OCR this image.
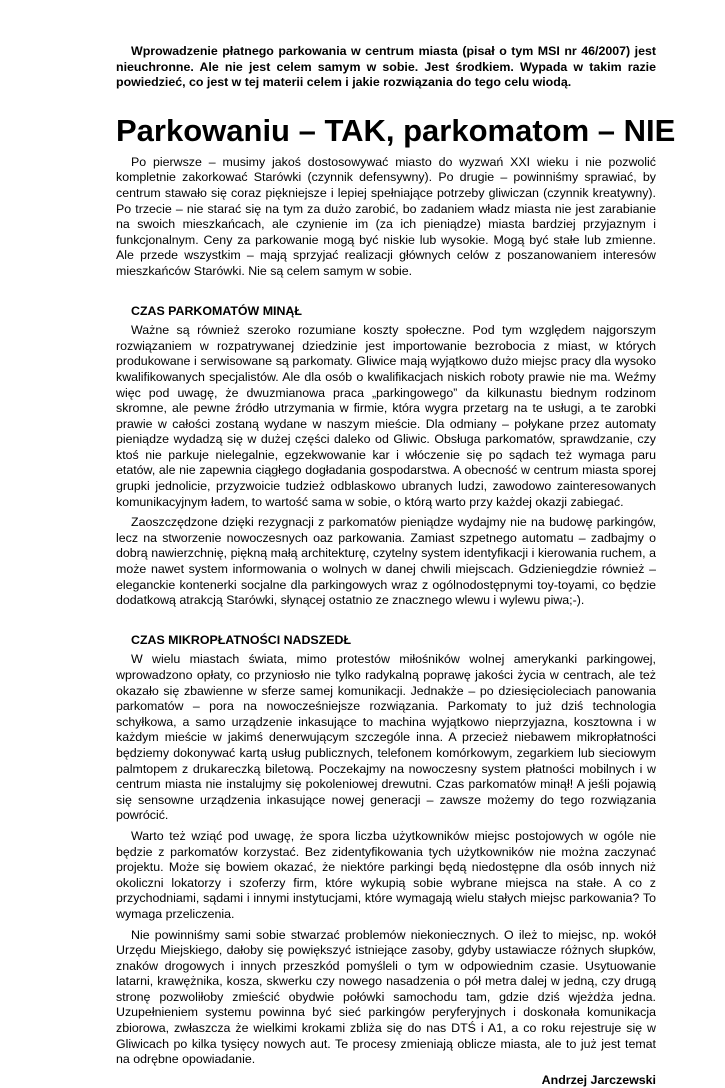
Wprowadzenie płatnego parkowania w centrum miasta (pisał o tym MSI nr 46/2007) jest nieuchronne. Ale nie jest celem samym w sobie. Jest środkiem. Wypada w takim razie powiedzieć, co jest w tej materii celem i jakie rozwiązania do tego celu wiodą.

Parkowaniu – TAK, parkomatom – NIE

Po pierwsze – musimy jakoś dostosowywać miasto do wyzwań XXI wieku i nie pozwolić kompletnie zakorkować Starówki (czynnik defensywny). Po drugie – powinniśmy sprawiać, by centrum stawało się coraz piękniejsze i lepiej spełniające potrzeby gliwiczan (czynnik kreatywny). Po trzecie – nie starać się na tym za dużo zarobić, bo zadaniem władz miasta nie jest zarabianie na swoich mieszkańcach, ale czynienie im (za ich pieniądze) miasta bardziej przyjaznym i funkcjonalnym. Ceny za parkowanie mogą być niskie lub wysokie. Mogą być stałe lub zmienne. Ale przede wszystkim – mają sprzyjać realizacji głównych celów z poszanowaniem interesów mieszkańców Starówki. Nie są celem samym w sobie.

CZAS PARKOMATÓW MINĄŁ

Ważne są również szeroko rozumiane koszty społeczne. Pod tym względem najgorszym rozwiązaniem w rozpatrywanej dziedzinie jest importowanie bezrobocia z miast, w których produkowane i serwisowane są parkomaty. Gliwice mają wyjątkowo dużo miejsc pracy dla wysoko kwalifikowanych specjalistów. Ale dla osób o kwalifikacjach niskich roboty prawie nie ma. Weźmy więc pod uwagę, że dwuzmianowa praca „parkingowego” da kilkunastu biednym rodzinom skromne, ale pewne źródło utrzymania w firmie, która wygra przetarg na te usługi, a te zarobki prawie w całości zostaną wydane w naszym mieście. Dla odmiany – połykane przez automaty pieniądze wydadzą się w dużej części daleko od Gliwic. Obsługa parkomatów, sprawdzanie, czy ktoś nie parkuje nielegalnie, egzekwowanie kar i włóczenie się po sądach też wymaga paru etatów, ale nie zapewnia ciągłego dogładania gospodarstwa. A obecność w centrum miasta sporej grupki jednolicie, przyzwoicie tudzież odblaskowo ubranych ludzi, zawodowo zainteresowanych komunikacyjnym ładem, to wartość sama w sobie, o którą warto przy każdej okazji zabiegać.

Zaoszczędzone dzięki rezygnacji z parkomatów pieniądze wydajmy nie na budowę parkingów, lecz na stworzenie nowoczesnych oaz parkowania. Zamiast szpetnego automatu – zadbajmy o dobrą nawierzchnię, piękną małą architekturę, czytelny system identyfikacji i kierowania ruchem, a może nawet system informowania o wolnych w danej chwili miejscach. Gdzieniegdzie również – eleganckie kontenerki socjalne dla parkingowych wraz z ogólnodostępnymi toy-toyami, co będzie dodatkową atrakcją Starówki, słynącej ostatnio ze znacznego wlewu i wylewu piwa;-).

CZAS MIKROPŁATNOŚCI NADSZEDŁ

W wielu miastach świata, mimo protestów miłośników wolnej amerykanki parkingowej, wprowadzono opłaty, co przyniosło nie tylko radykalną poprawę jakości życia w centrach, ale też okazało się zbawienne w sferze samej komunikacji. Jednakże – po dziesięcioleciach panowania parkomatów – pora na nowocześniejsze rozwiązania. Parkomaty to już dziś technologia schyłkowa, a samo urządzenie inkasujące to machina wyjątkowo nieprzyjazna, kosztowna i w każdym mieście w jakimś denerwującym szczególe inna. A przecież niebawem mikropłatności będziemy dokonywać kartą usług publicznych, telefonem komórkowym, zegarkiem lub sieciowym palmtopem z drukareczką biletową. Poczekajmy na nowoczesny system płatności mobilnych i w centrum miasta nie instalujmy się pokoleniowej drewutni. Czas parkomatów minął! A jeśli pojawią się sensowne urządzenia inkasujące nowej generacji – zawsze możemy do tego rozwiązania powrócić.

Warto też wziąć pod uwagę, że spora liczba użytkowników miejsc postojowych w ogóle nie będzie z parkomatów korzystać. Bez zidentyfikowania tych użytkowników nie można zaczynać projektu. Może się bowiem okazać, że niektóre parkingi będą niedostępne dla osób innych niż okoliczni lokatorzy i szoferzy firm, które wykupią sobie wybrane miejsca na stałe. A co z przychodniami, sądami i innymi instytucjami, które wymagają wielu stałych miejsc parkowania? To wymaga przeliczenia.

Nie powinniśmy sami sobie stwarzać problemów niekoniecznych. O ileż to miejsc, np. wokół Urzędu Miejskiego, dałoby się powiększyć istniejące zasoby, gdyby ustawiacze różnych słupków, znaków drogowych i innych przeszkód pomyśleli o tym w odpowiednim czasie. Usytuowanie latarni, krawężnika, kosza, skwerku czy nowego nasadzenia o pół metra dalej w jedną, czy drugą stronę pozwoliłoby zmieścić obydwie połówki samochodu tam, gdzie dziś wjeżdża jedna. Uzupełnieniem systemu powinna być sieć parkingów peryferyjnych i doskonała komunikacja zbiorowa, zwłaszcza że wielkimi krokami zbliża się do nas DTŚ i A1, a co roku rejestruje się w Gliwicach po kilka tysięcy nowych aut. Te procesy zmieniają oblicze miasta, ale to już jest temat na odrębne opowiadanie.

Andrzej Jarczewski
